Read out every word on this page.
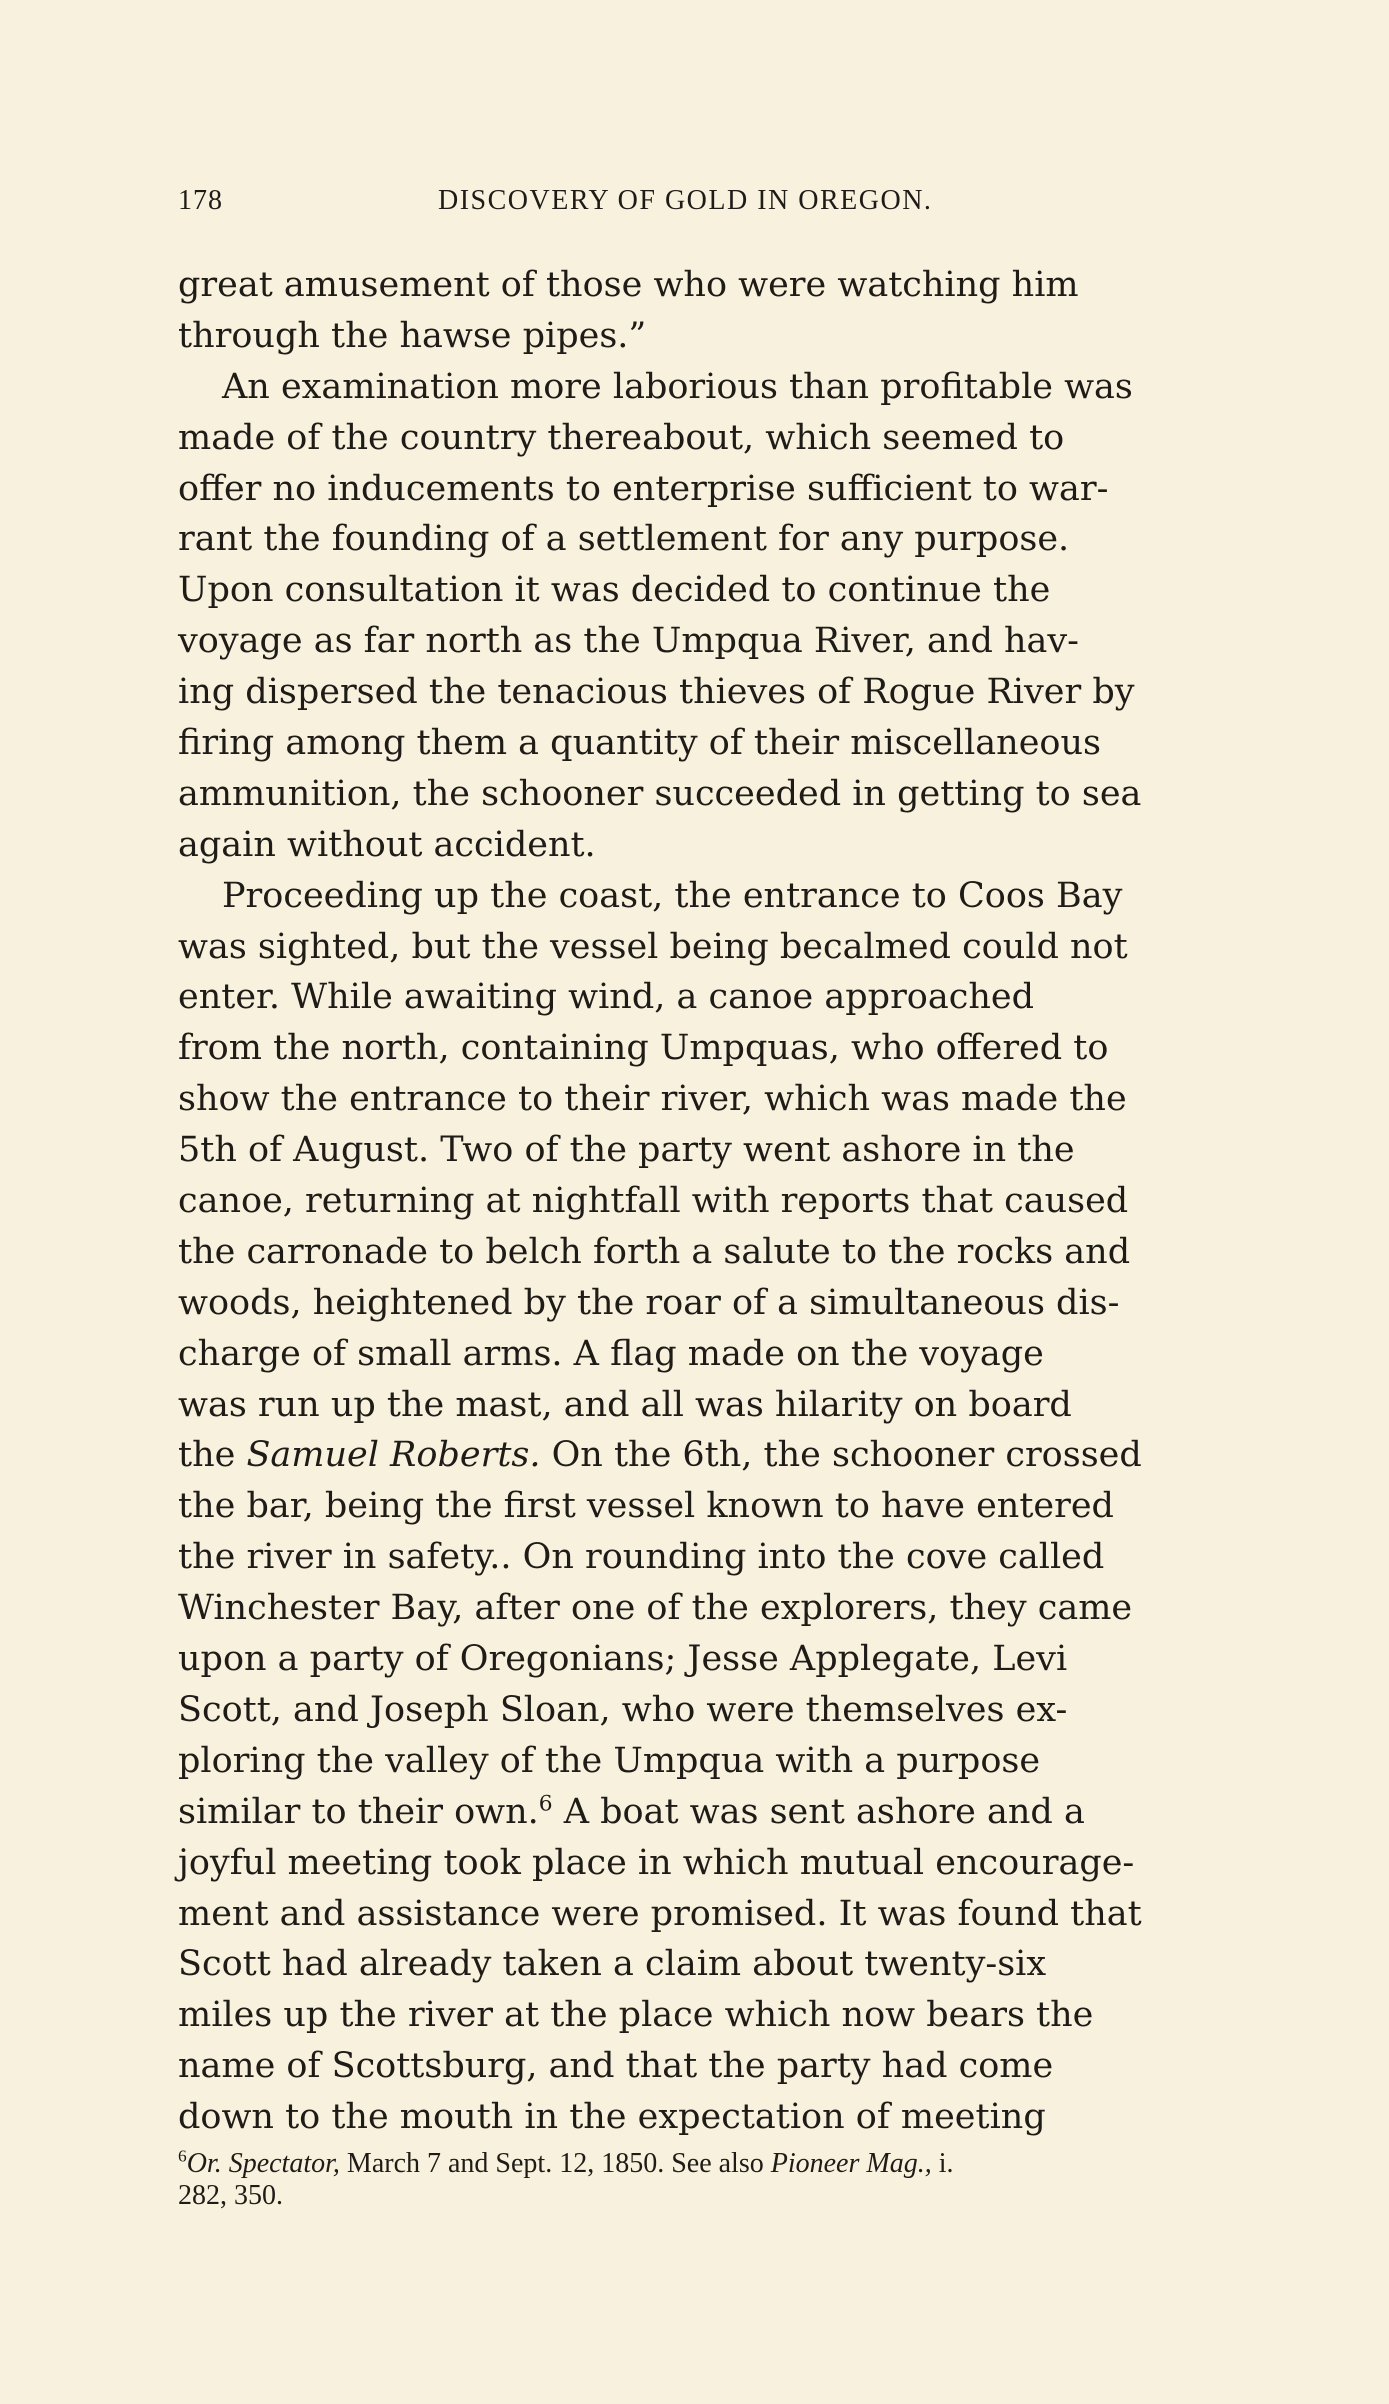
178	DISCOVERY OF GOLD IN OREGON.
great amusement of those who were watching him
through the hawse pipes.”
An examination more laborious than profitable was
made of the country thereabout, which seemed to
offer no inducements to enterprise sufficient to war-
rant the founding of a settlement for any purpose.
Upon consultation it was decided to continue the
voyage as far north as the Umpqua River, and hav-
ing dispersed the tenacious thieves of Rogue River by
firing among them a quantity of their miscellaneous
ammunition, the schooner succeeded in getting to sea
again without accident.
Proceeding up the coast, the entrance to Coos Bay
was sighted, but the vessel being becalmed could not
enter. While awaiting wind, a canoe approached
from the north, containing Umpquas, who offered to
show the entrance to their river, which was made the
5th of August. Two of the party went ashore in the
canoe, returning at nightfall with reports that caused
the carronade to belch forth a salute to the rocks and
woods, heightened by the roar of a simultaneous dis-
charge of small arms. A flag made on the voyage
was run up the mast, and all was hilarity on board
the Samuel Roberts. On the 6th, the schooner crossed
the bar, being the first vessel known to have entered
the river in safety.. On rounding into the cove called
Winchester Bay, after one of the explorers, they came
upon a party of Oregonians; Jesse Applegate, Levi
Scott, and Joseph Sloan, who were themselves ex-
ploring the valley of the Umpqua with a purpose
similar to their own.$^6$ A boat was sent ashore and a
joyful meeting took place in which mutual encourage-
ment and assistance were promised. It was found that
Scott had already taken a claim about twenty-six
miles up the river at the place which now bears the
name of Scottsburg, and that the party had come
down to the mouth in the expectation of meeting
$^6$Or. Spectator, March 7 and Sept. 12, 1850. See also Pioneer Mag., i.
282, 350.
